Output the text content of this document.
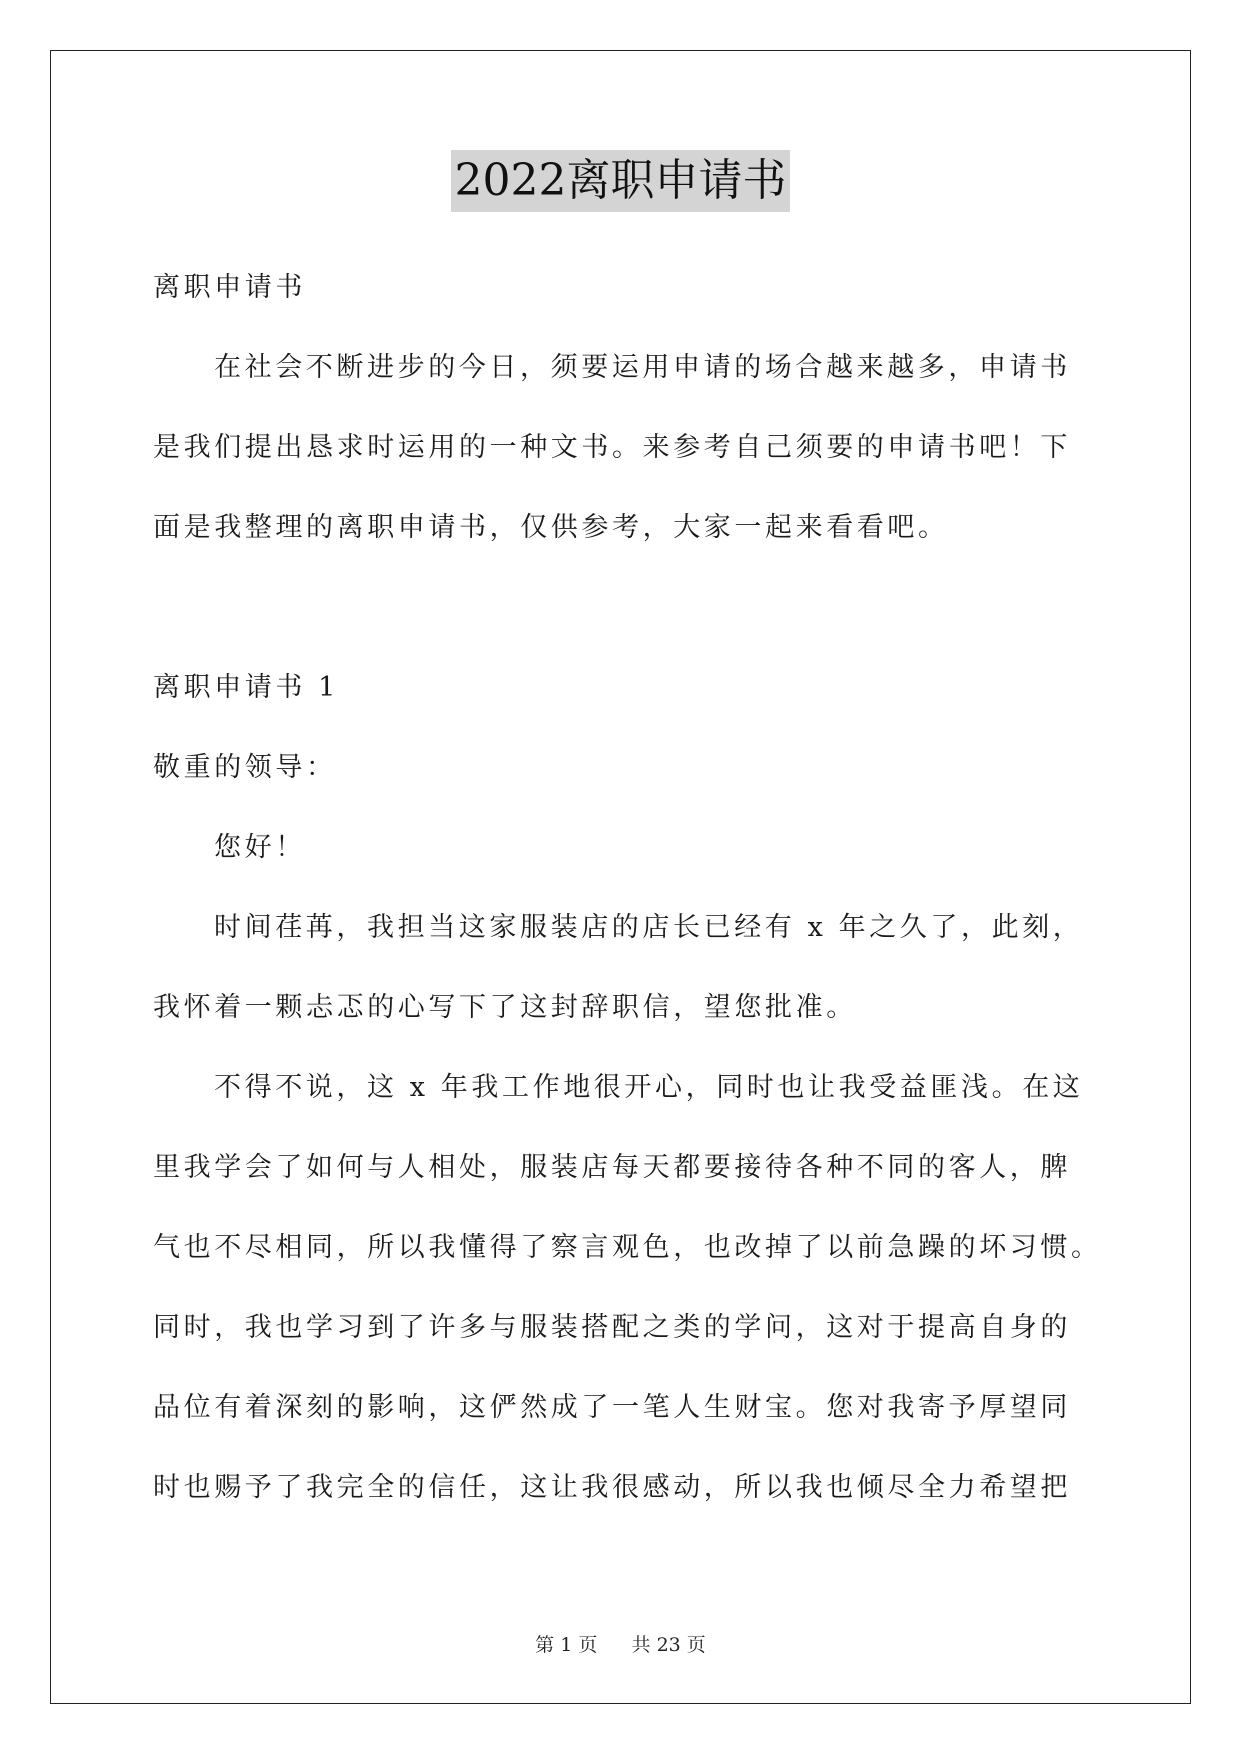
2022离职申请书
离职申请书
在社会不断进步的今日，须要运用申请的场合越来越多，申请书
是我们提出恳求时运用的一种文书。来参考自己须要的申请书吧！下
面是我整理的离职申请书，仅供参考，大家一起来看看吧。
离职申请书 1
敬重的领导：
您好！
时间荏苒，我担当这家服装店的店长已经有 x 年之久了，此刻，
我怀着一颗忐忑的心写下了这封辞职信，望您批准。
不得不说，这 x 年我工作地很开心，同时也让我受益匪浅。在这
里我学会了如何与人相处，服装店每天都要接待各种不同的客人，脾
气也不尽相同，所以我懂得了察言观色，也改掉了以前急躁的坏习惯。
同时，我也学习到了许多与服装搭配之类的学问，这对于提高自身的
品位有着深刻的影响，这俨然成了一笔人生财宝。您对我寄予厚望同
时也赐予了我完全的信任，这让我很感动，所以我也倾尽全力希望把
第 1 页 共 23 页
